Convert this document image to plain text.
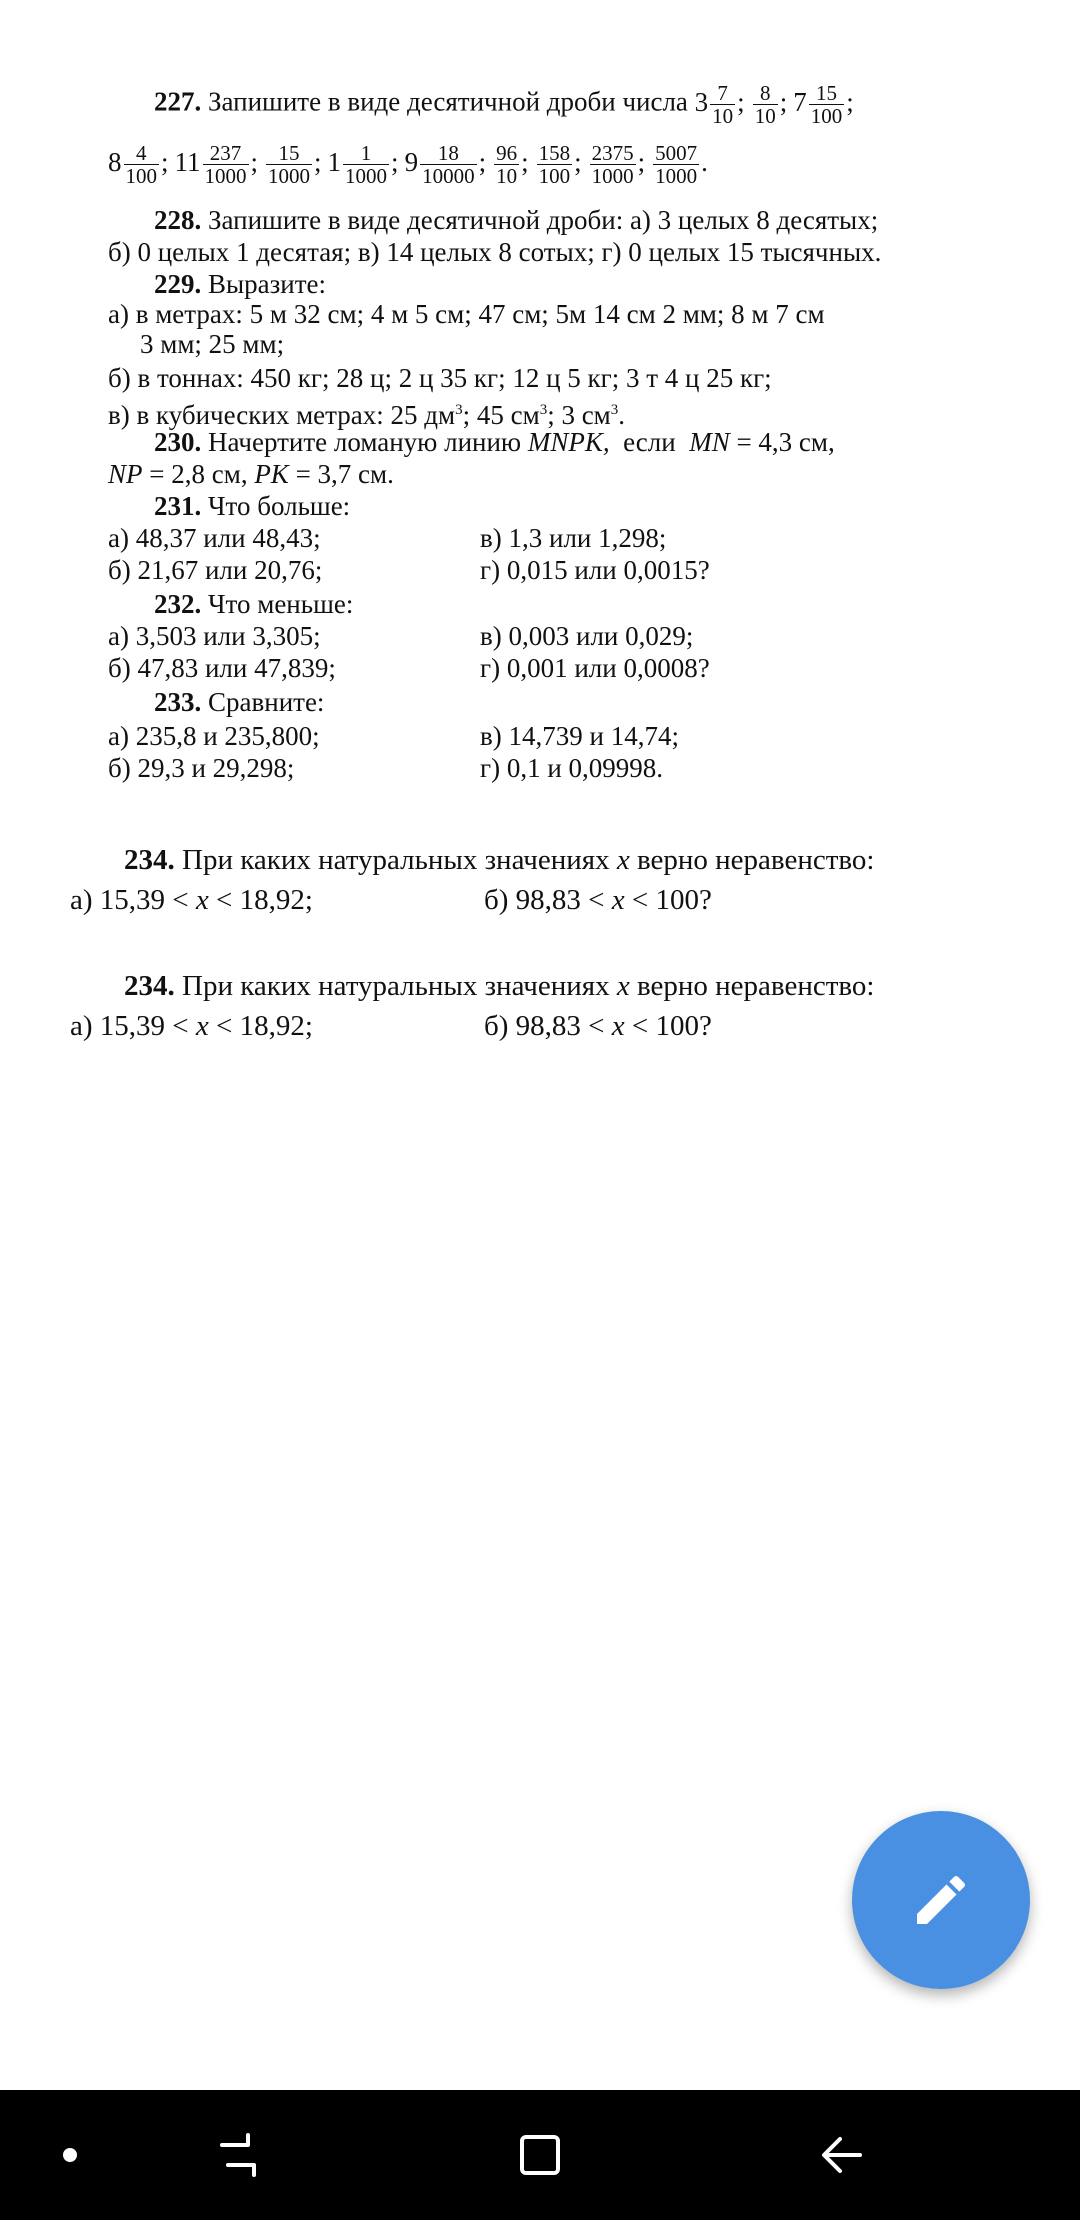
227. Запишите в виде десятичной дроби числа $3 \frac{7}{10}$ ; $\frac{8}{10}$ ; $7 \frac{15}{100}$ ;
$8 \frac{4}{100}$ ; $11 \frac{237}{1000}$ ; $\frac{15}{1000}$ ; $1 \frac{1}{1000}$ ; $9 \frac{18}{10000}$ ; $\frac{96}{10}$ ; $\frac{158}{100}$ ; $\frac{2375}{1000}$ ; $\frac{5007}{1000}$ .
228. Запишите в виде десятичной дроби: а) 3 целых 8 десятых;
б) 0 целых 1 десятая; в) 14 целых 8 сотых; г) 0 целых 15 тысячных.
229. Выразите:
а) в метрах: 5 м 32 см; 4 м 5 см; 47 см; 5м 14 см 2 мм; 8 м 7 см
3 мм; 25 мм;
б) в тоннах: 450 кг; 28 ц; 2 ц 35 кг; 12 ц 5 кг; 3 т 4 ц 25 кг;
в) в кубических метрах: 25 $дм^3$; 45 $см^3$; 3 $см^3$.
230. Начертите ломаную линию MNPK, если MN = 4,3 см,
NP = 2,8 см, PK = 3,7 см.
231. Что больше:
а) 48,37 или 48,43;	в) 1,3 или 1,298;
б) 21,67 или 20,76;	г) 0,015 или 0,0015?
232. Что меньше:
а) 3,503 или 3,305;	в) 0,003 или 0,029;
б) 47,83 или 47,839;	г) 0,001 или 0,0008?
233. Сравните:
а) 235,8 и 235,800;	в) 14,739 и 14,74;
б) 29,3 и 29,298;	г) 0,1 и 0,09998.
234. При каких натуральных значениях x верно неравенство:
а) 15,39 < x < 18,92;	б) 98,83 < x < 100?
234. При каких натуральных значениях x верно неравенство:
а) 15,39 < x < 18,92;	б) 98,83 < x < 100?
